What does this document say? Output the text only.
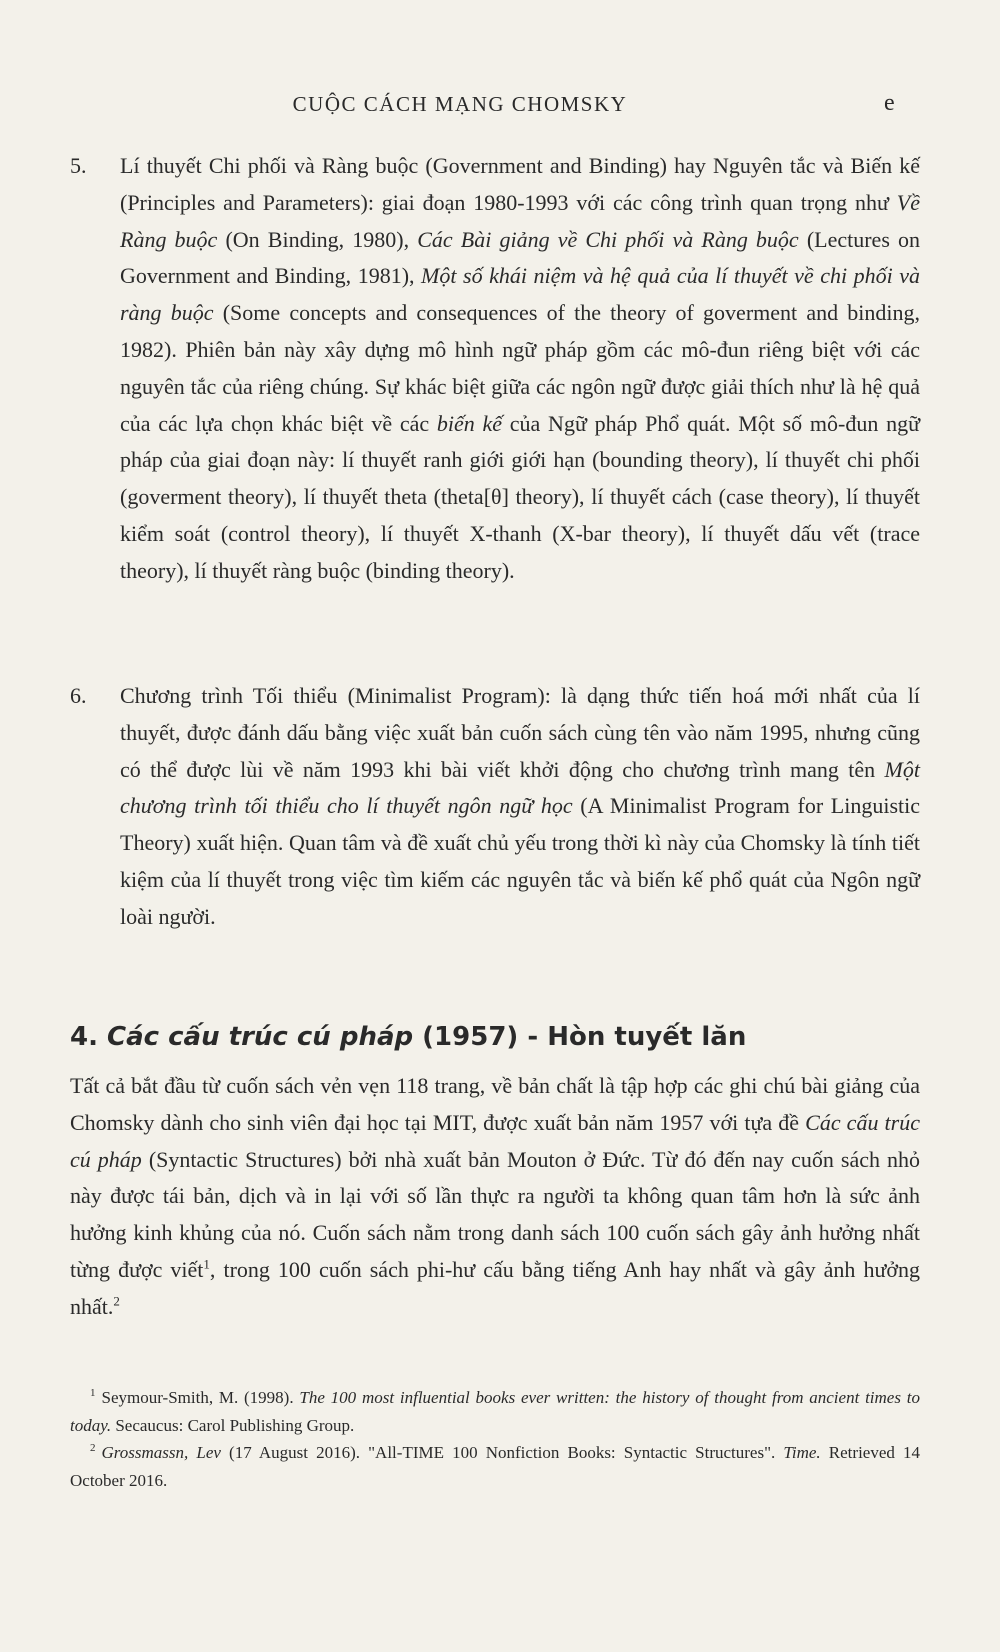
CUỘC CÁCH MẠNG CHOMSKY	e
5. Lí thuyết Chi phối và Ràng buộc (Government and Binding) hay Nguyên tắc và Biến kế (Principles and Parameters): giai đoạn 1980-1993 với các công trình quan trọng như Về Ràng buộc (On Binding, 1980), Các Bài giảng về Chi phối và Ràng buộc (Lectures on Government and Binding, 1981), Một số khái niệm và hệ quả của lí thuyết về chi phối và ràng buộc (Some concepts and consequences of the theory of goverment and binding, 1982). Phiên bản này xây dựng mô hình ngữ pháp gồm các mô-đun riêng biệt với các nguyên tắc của riêng chúng. Sự khác biệt giữa các ngôn ngữ được giải thích như là hệ quả của các lựa chọn khác biệt về các biến kế của Ngữ pháp Phổ quát. Một số mô-đun ngữ pháp của giai đoạn này: lí thuyết ranh giới giới hạn (bounding theory), lí thuyết chi phối (goverment theory), lí thuyết theta (theta[θ] theory), lí thuyết cách (case theory), lí thuyết kiểm soát (control theory), lí thuyết X-thanh (X-bar theory), lí thuyết dấu vết (trace theory), lí thuyết ràng buộc (binding theory).
6. Chương trình Tối thiểu (Minimalist Program): là dạng thức tiến hoá mới nhất của lí thuyết, được đánh dấu bằng việc xuất bản cuốn sách cùng tên vào năm 1995, nhưng cũng có thể được lùi về năm 1993 khi bài viết khởi động cho chương trình mang tên Một chương trình tối thiểu cho lí thuyết ngôn ngữ học (A Minimalist Program for Linguistic Theory) xuất hiện. Quan tâm và đề xuất chủ yếu trong thời kì này của Chomsky là tính tiết kiệm của lí thuyết trong việc tìm kiếm các nguyên tắc và biến kế phổ quát của Ngôn ngữ loài người.
4. Các cấu trúc cú pháp (1957) - Hòn tuyết lăn
Tất cả bắt đầu từ cuốn sách vẻn vẹn 118 trang, về bản chất là tập hợp các ghi chú bài giảng của Chomsky dành cho sinh viên đại học tại MIT, được xuất bản năm 1957 với tựa đề Các cấu trúc cú pháp (Syntactic Structures) bởi nhà xuất bản Mouton ở Đức. Từ đó đến nay cuốn sách nhỏ này được tái bản, dịch và in lại với số lần thực ra người ta không quan tâm hơn là sức ảnh hưởng kinh khủng của nó. Cuốn sách nằm trong danh sách 100 cuốn sách gây ảnh hưởng nhất từng được viết$^1$, trong 100 cuốn sách phi-hư cấu bằng tiếng Anh hay nhất và gây ảnh hưởng nhất.$^2$

$^1$ Seymour-Smith, M. (1998). The 100 most influential books ever written: the history of thought from ancient times to today. Secaucus: Carol Publishing Group.

$^2$ Grossmassn, Lev (17 August 2016). "All-TIME 100 Nonfiction Books: Syntactic Structures". Time. Retrieved 14 October 2016.
